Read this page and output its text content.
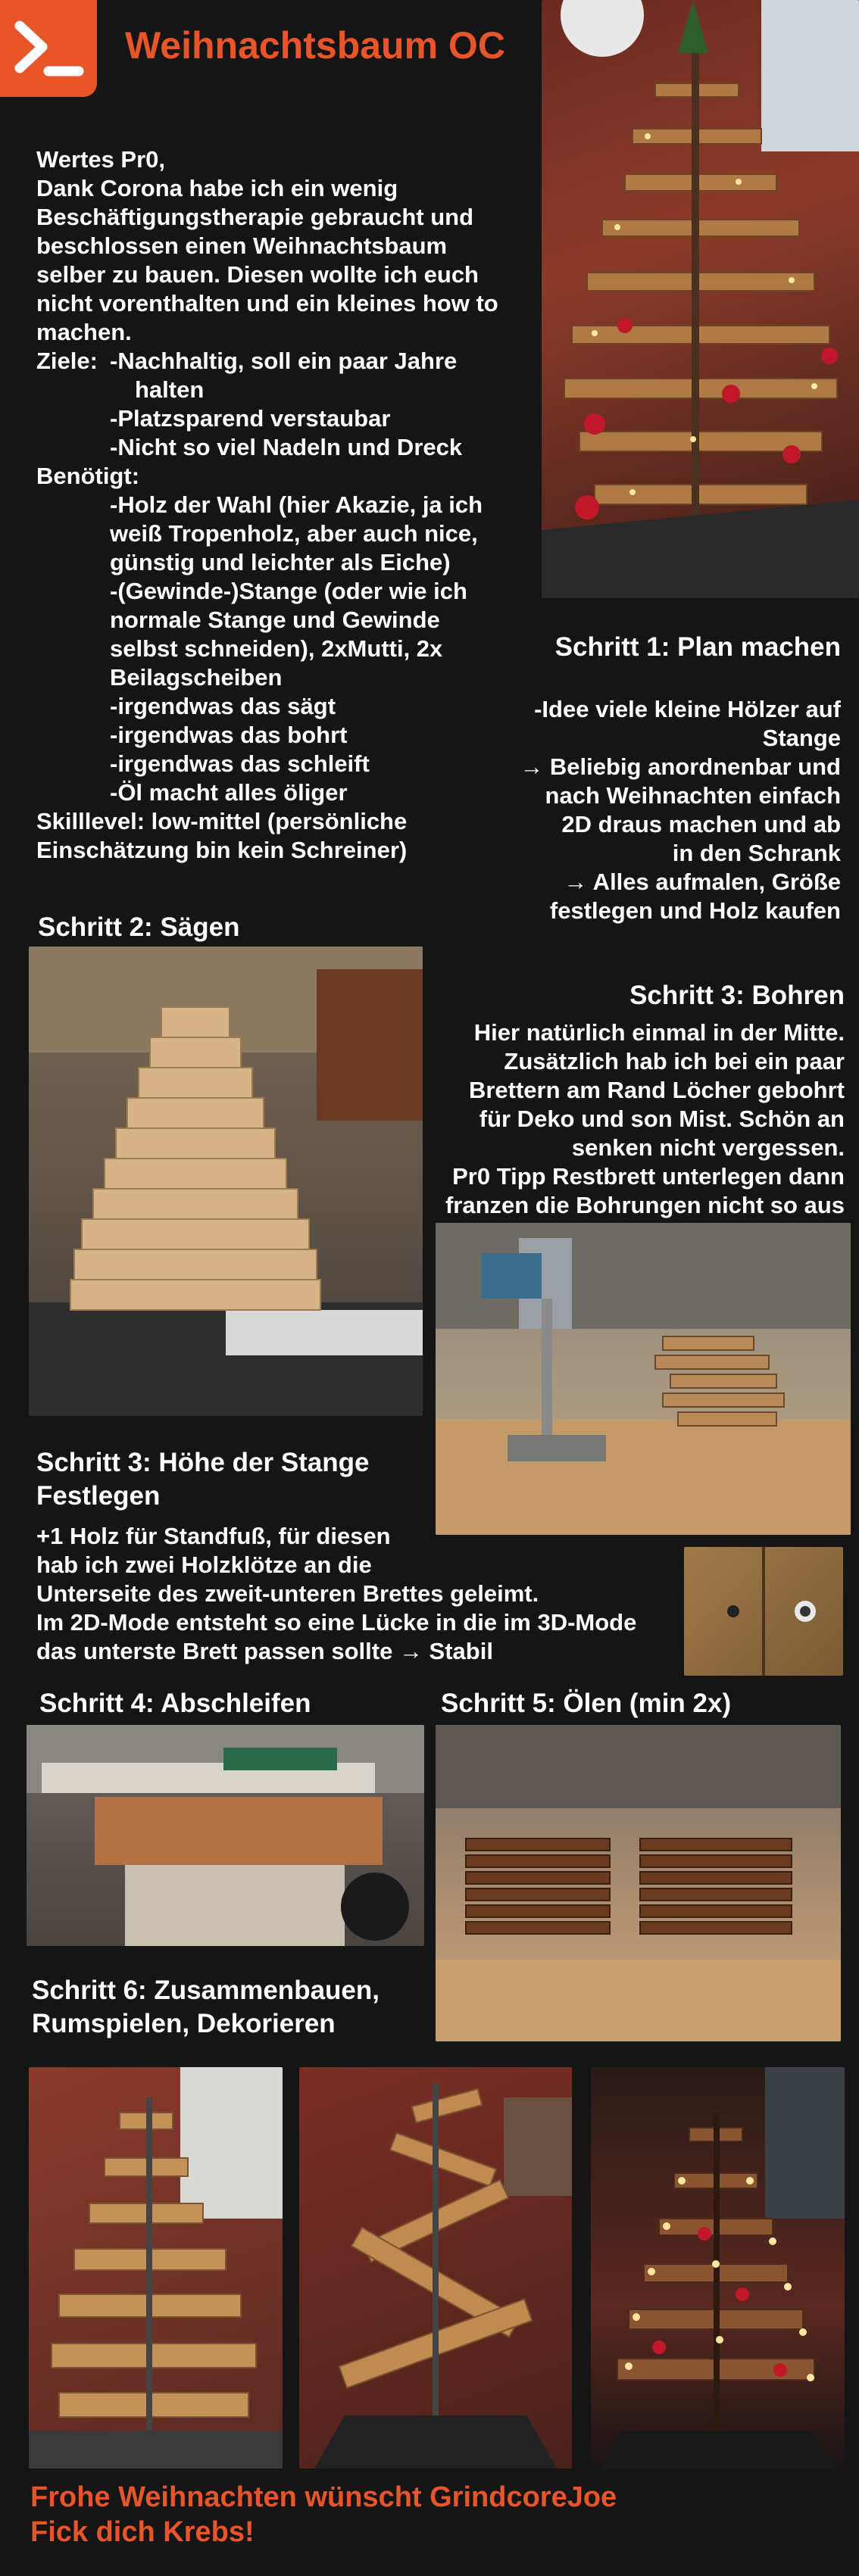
Weihnachtsbaum OC
Wertes Pr0,
Dank Corona habe ich ein wenig
Beschäftigungstherapie gebraucht und
beschlossen einen Weihnachtsbaum
selber zu bauen. Diesen wollte ich euch
nicht vorenthalten und ein kleines how to
machen.
Ziele: -Nachhaltig, soll ein paar Jahre
halten
-Platzsparend verstaubar
-Nicht so viel Nadeln und Dreck
Benötigt:
-Holz der Wahl (hier Akazie, ja ich
weiß Tropenholz, aber auch nice,
günstig und leichter als Eiche)
-(Gewinde-)Stange (oder wie ich
normale Stange und Gewinde
selbst schneiden), 2xMutti, 2x
Beilagscheiben
-irgendwas das sägt
-irgendwas das bohrt
-irgendwas das schleift
-Öl macht alles öliger
Skilllevel: low-mittel (persönliche
Einschätzung bin kein Schreiner)
Schritt 1: Plan machen
-Idee viele kleine Hölzer auf
Stange
→ Beliebig anordnenbar und
nach Weihnachten einfach
2D draus machen und ab
in den Schrank
→ Alles aufmalen, Größe
festlegen und Holz kaufen
Schritt 2: Sägen
Schritt 3: Bohren
Hier natürlich einmal in der Mitte.
Zusätzlich hab ich bei ein paar
Brettern am Rand Löcher gebohrt
für Deko und son Mist. Schön an
senken nicht vergessen.
Pr0 Tipp Restbrett unterlegen dann
franzen die Bohrungen nicht so aus
Schritt 3: Höhe der Stange
Festlegen
+1 Holz für Standfuß, für diesen
hab ich zwei Holzklötze an die
Unterseite des zweit-unteren Brettes geleimt.
Im 2D-Mode entsteht so eine Lücke in die im 3D-Mode
das unterste Brett passen sollte → Stabil
Schritt 4: Abschleifen	Schritt 5: Ölen (min 2x)
Schritt 6: Zusammenbauen,
Rumspielen, Dekorieren
Frohe Weihnachten wünscht GrindcoreJoe
Fick dich Krebs!
